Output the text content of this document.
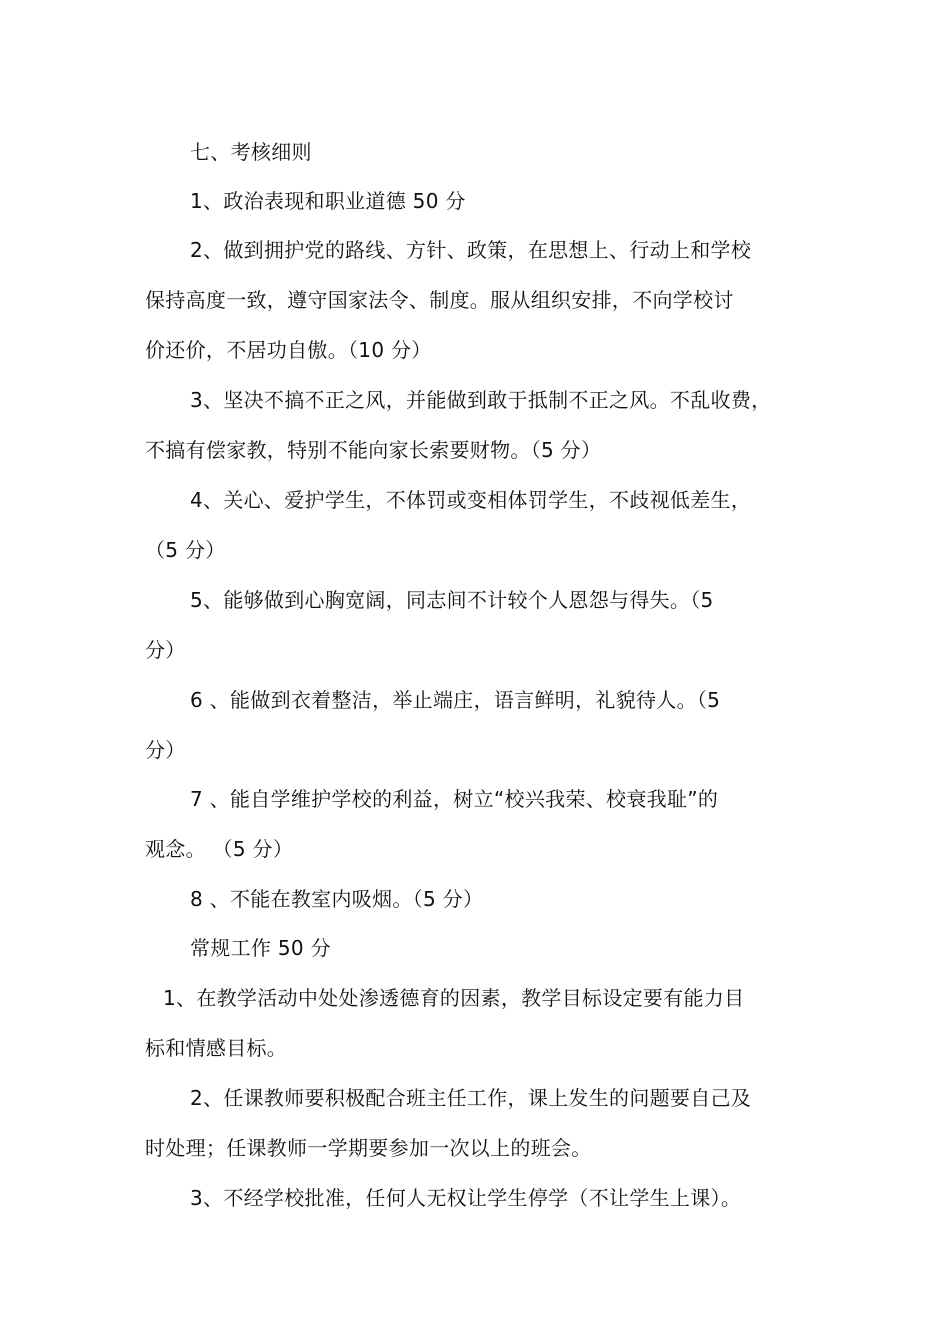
七、考核细则
1、政治表现和职业道德 50 分
2、做到拥护党的路线、方针、政策，在思想上、行动上和学校
保持高度一致，遵守国家法令、制度。服从组织安排，不向学校讨
价还价，不居功自傲。（10 分）
3、坚决不搞不正之风，并能做到敢于抵制不正之风。不乱收费，
不搞有偿家教，特别不能向家长索要财物。（5 分）
4、关心、爱护学生，不体罚或变相体罚学生，不歧视低差生，
（5 分）
5、能够做到心胸宽阔，同志间不计较个人恩怨与得失。（5
分）
6 、能做到衣着整洁，举止端庄，语言鲜明，礼貌待人。（5
分）
7 、能自学维护学校的利益，树立“校兴我荣、校衰我耻”的
观念。 （5 分）
8 、不能在教室内吸烟。（5 分）
常规工作 50 分
1、在教学活动中处处渗透德育的因素，教学目标设定要有能力目
标和情感目标。
2、任课教师要积极配合班主任工作，课上发生的问题要自己及
时处理；任课教师一学期要参加一次以上的班会。
3、不经学校批准，任何人无权让学生停学（不让学生上课）。
